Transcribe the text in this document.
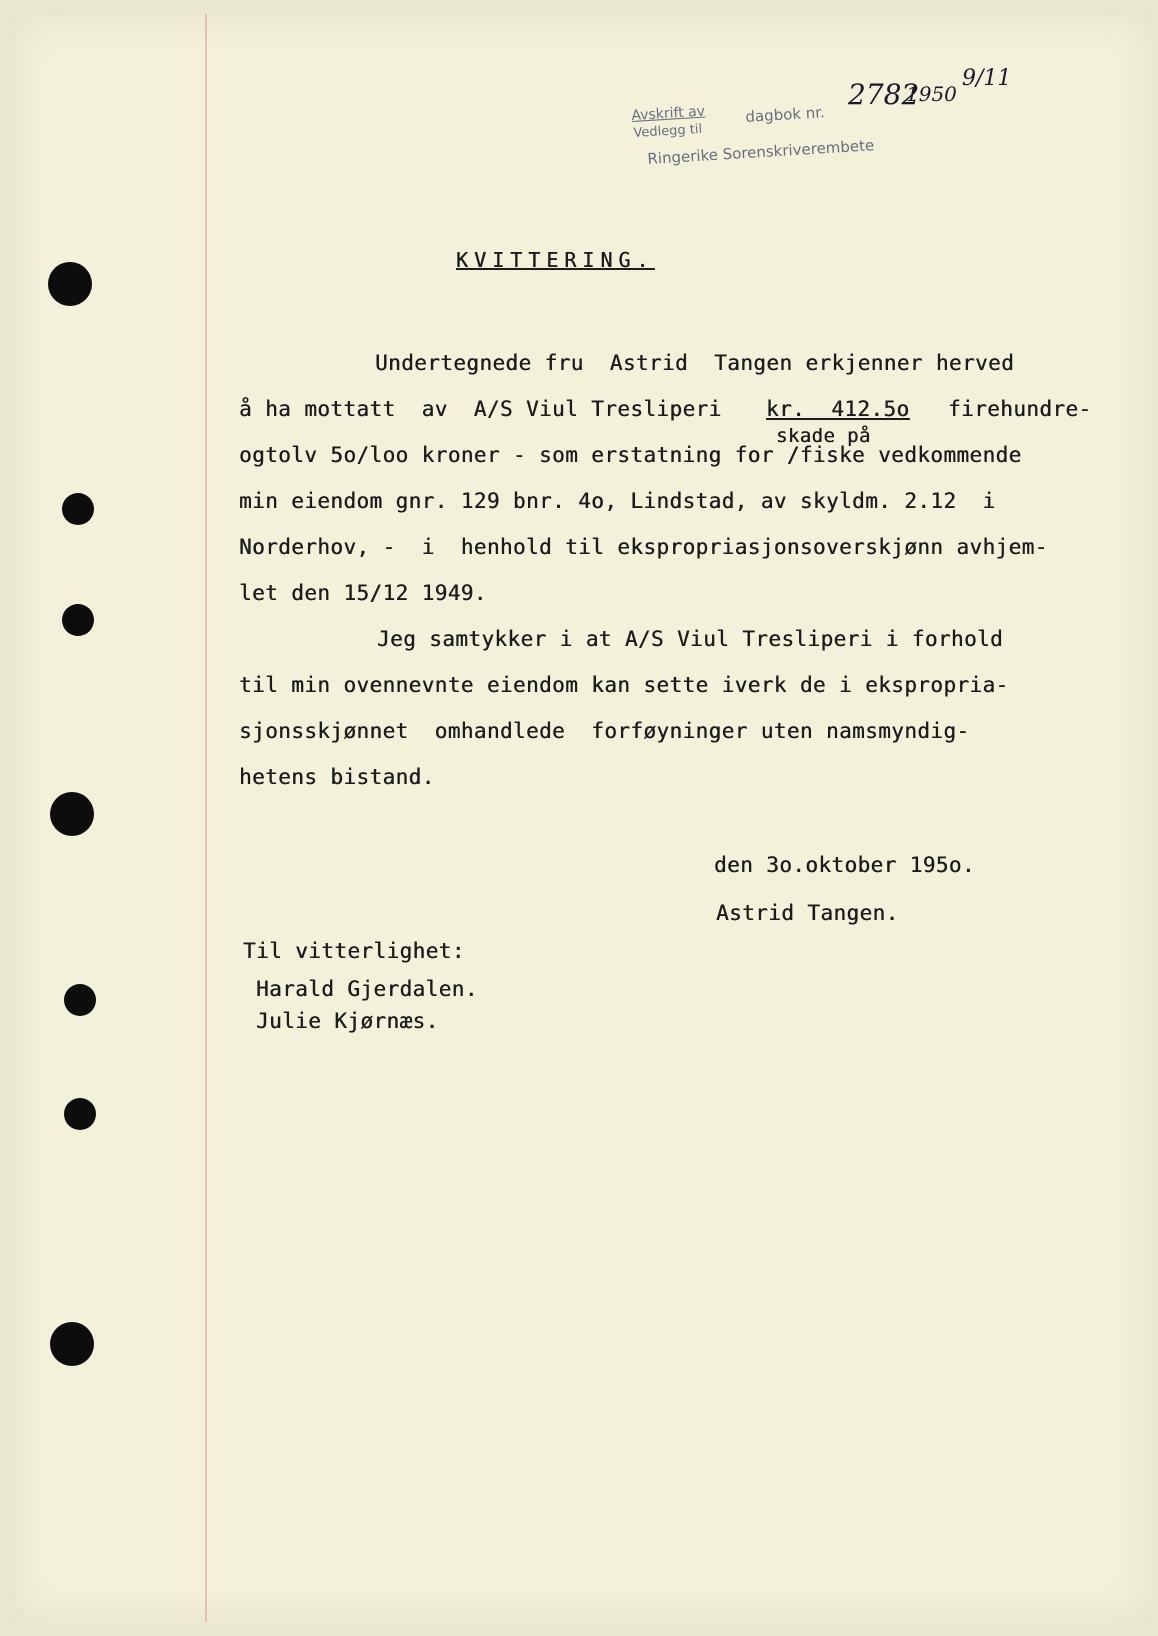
Avskrift av
Vedlegg til
dagbok nr.
Ringerike Sorenskriverembete
2782
1950
9/11
KVITTERING.
Undertegnede fru  Astrid  Tangen erkjenner herved
å ha mottatt  av  A/S Viul Tresliperi kr.  412.5o firehundre-
skade på
ogtolv 5o/loo kroner - som erstatning for /fiske vedkommende
min eiendom gnr. 129 bnr. 4o, Lindstad, av skyldm. 2.12  i
Norderhov, -  i  henhold til ekspropriasjonsoverskjønn avhjem-
let den 15/12 1949.
Jeg samtykker i at A/S Viul Tresliperi i forhold
til min ovennevnte eiendom kan sette iverk de i ekspropria-
sjonsskjønnet  omhandlede  forføyninger uten namsmyndig-
hetens bistand.
den 3o.oktober 195o.
Astrid Tangen.
Til vitterlighet:
Harald Gjerdalen.
Julie Kjørnæs.
